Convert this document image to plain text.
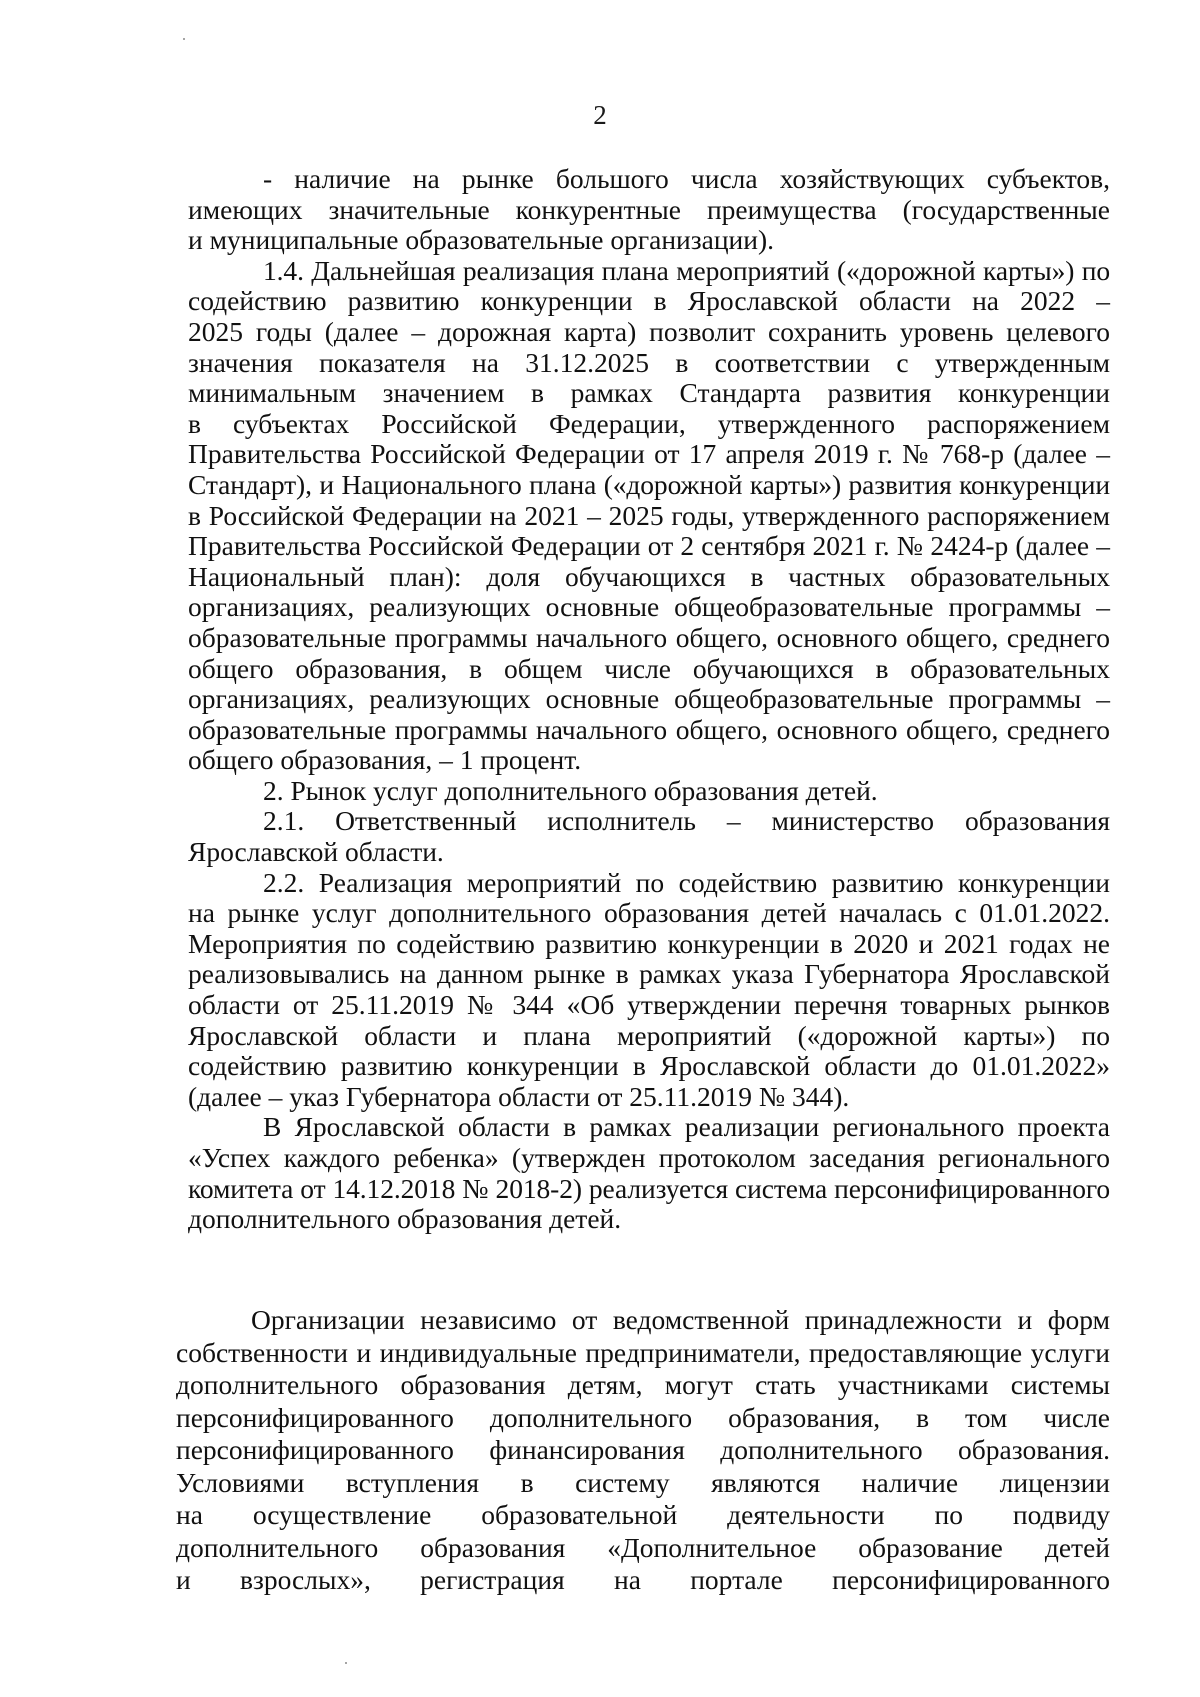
2
- наличие на рынке большого числа хозяйствующих субъектов,
имеющих значительные конкурентные преимущества (государственные
и муниципальные образовательные организации).
1.4. Дальнейшая реализация плана мероприятий («дорожной карты») по
содействию развитию конкуренции в Ярославской области на 2022 –
2025 годы (далее – дорожная карта) позволит сохранить уровень целевого
значения показателя на 31.12.2025 в соответствии с утвержденным
минимальным значением в рамках Стандарта развития конкуренции
в субъектах Российской Федерации, утвержденного распоряжением
Правительства Российской Федерации от 17 апреля 2019 г. № 768-р (далее –
Стандарт), и Национального плана («дорожной карты») развития конкуренции
в Российской Федерации на 2021 – 2025 годы, утвержденного распоряжением
Правительства Российской Федерации от 2 сентября 2021 г. № 2424-р (далее –
Национальный план): доля обучающихся в частных образовательных
организациях, реализующих основные общеобразовательные программы –
образовательные программы начального общего, основного общего, среднего
общего образования, в общем числе обучающихся в образовательных
организациях, реализующих основные общеобразовательные программы –
образовательные программы начального общего, основного общего, среднего
общего образования, – 1 процент.
2. Рынок услуг дополнительного образования детей.
2.1. Ответственный исполнитель – министерство образования
Ярославской области.
2.2. Реализация мероприятий по содействию развитию конкуренции
на рынке услуг дополнительного образования детей началась с 01.01.2022.
Мероприятия по содействию развитию конкуренции в 2020 и 2021 годах не
реализовывались на данном рынке в рамках указа Губернатора Ярославской
области от 25.11.2019 № 344 «Об утверждении перечня товарных рынков
Ярославской области и плана мероприятий («дорожной карты») по
содействию развитию конкуренции в Ярославской области до 01.01.2022»
(далее – указ Губернатора области от 25.11.2019 № 344).
В Ярославской области в рамках реализации регионального проекта
«Успех каждого ребенка» (утвержден протоколом заседания регионального
комитета от 14.12.2018 № 2018-2) реализуется система персонифицированного
дополнительного образования детей.
Организации независимо от ведомственной принадлежности и форм
собственности и индивидуальные предприниматели, предоставляющие услуги
дополнительного образования детям, могут стать участниками системы
персонифицированного дополнительного образования, в том числе
персонифицированного финансирования дополнительного образования.
Условиями вступления в систему являются наличие лицензии
на осуществление образовательной деятельности по подвиду
дополнительного образования «Дополнительное образование детей
и взрослых», регистрация на портале персонифицированного
